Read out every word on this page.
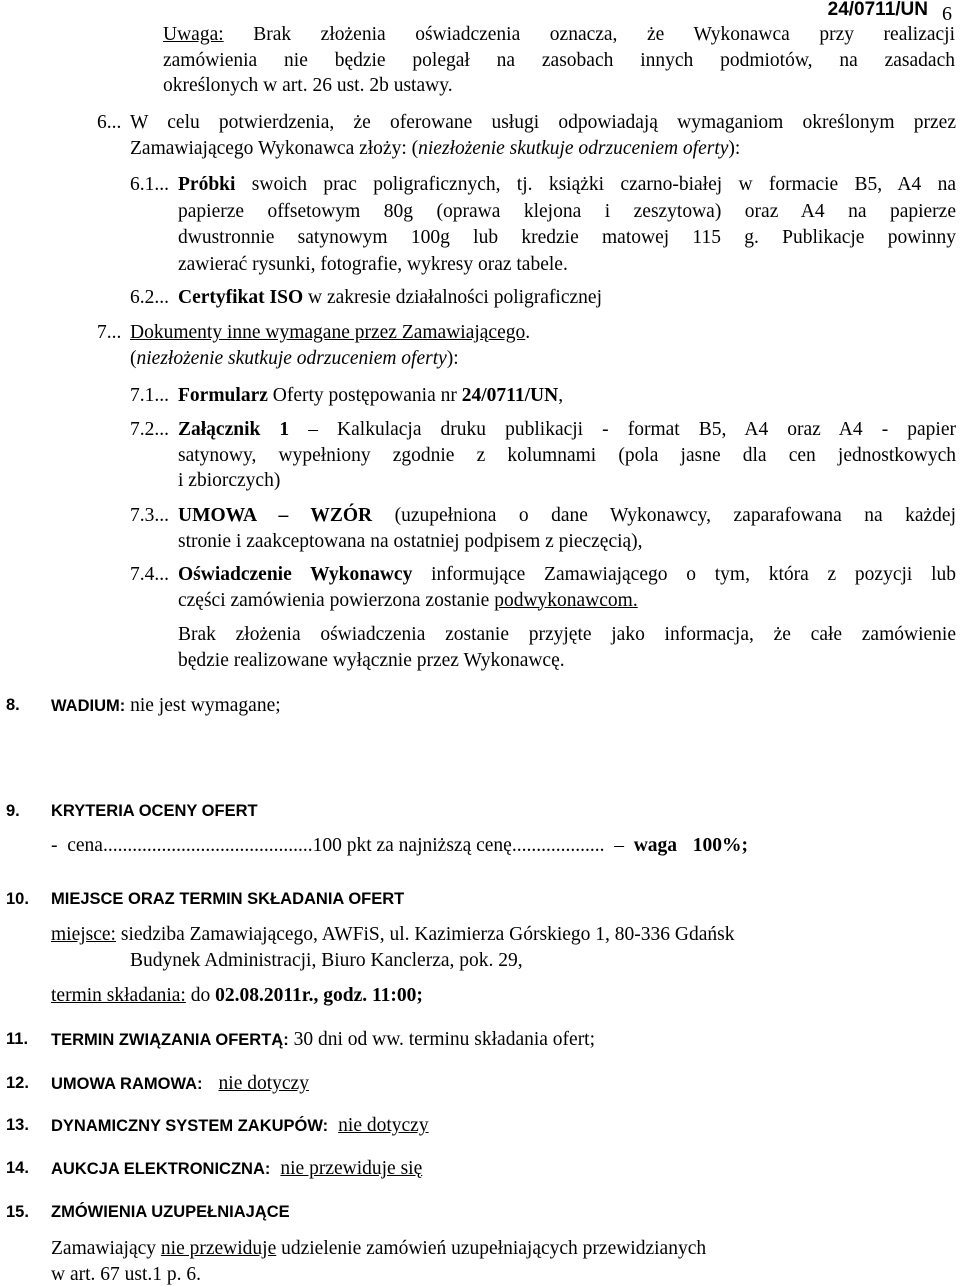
24/0711/UN 6
Uwaga: Brak złożenia oświadczenia oznacza, że Wykonawca przy realizacji
zamówienia nie będzie polegał na zasobach innych podmiotów, na zasadach
określonych w art. 26 ust. 2b ustawy.
6... W celu potwierdzenia, że oferowane usługi odpowiadają wymaganiom określonym przez
Zamawiającego Wykonawca złoży: (niezłożenie skutkuje odrzuceniem oferty):
6.1... Próbki swoich prac poligraficznych, tj. książki czarno-białej w formacie B5, A4 na
papierze offsetowym 80g (oprawa klejona i zeszytowa) oraz A4 na papierze
dwustronnie satynowym 100g lub kredzie matowej 115 g. Publikacje powinny
zawierać rysunki, fotografie, wykresy oraz tabele.
6.2... Certyfikat ISO w zakresie działalności poligraficznej
7... Dokumenty inne wymagane przez Zamawiającego.
(niezłożenie skutkuje odrzuceniem oferty):
7.1... Formularz Oferty postępowania nr 24/0711/UN,
7.2... Załącznik 1 – Kalkulacja druku publikacji - format B5, A4 oraz A4 - papier
satynowy, wypełniony zgodnie z kolumnami (pola jasne dla cen jednostkowych
i zbiorczych)
7.3... UMOWA – WZÓR (uzupełniona o dane Wykonawcy, zaparafowana na każdej
stronie i zaakceptowana na ostatniej podpisem z pieczęcią),
7.4... Oświadczenie Wykonawcy informujące Zamawiającego o tym, która z pozycji lub
części zamówienia powierzona zostanie podwykonawcom.
Brak złożenia oświadczenia zostanie przyjęte jako informacja, że całe zamówienie
będzie realizowane wyłącznie przez Wykonawcę.
8. WADIUM: nie jest wymagane;
9. KRYTERIA OCENY OFERT
-  cena...........................................100 pkt za najniższą cenę...................  –  waga  100%;
10. MIEJSCE ORAZ TERMIN SKŁADANIA OFERT
miejsce: siedziba Zamawiającego, AWFiS, ul. Kazimierza Górskiego 1, 80-336 Gdańsk
Budynek Administracji, Biuro Kanclerza, pok. 29,
termin składania: do 02.08.2011r., godz. 11:00;
11. TERMIN ZWIĄZANIA OFERTĄ: 30 dni od ww. terminu składania ofert;
12. UMOWA RAMOWA: nie dotyczy
13. DYNAMICZNY SYSTEM ZAKUPÓW: nie dotyczy
14. AUKCJA ELEKTRONICZNA: nie przewiduje się
15. ZMÓWIENIA UZUPEŁNIAJĄCE
Zamawiający nie przewiduje udzielenie zamówień uzupełniających przewidzianych
w art. 67 ust.1 p. 6.
